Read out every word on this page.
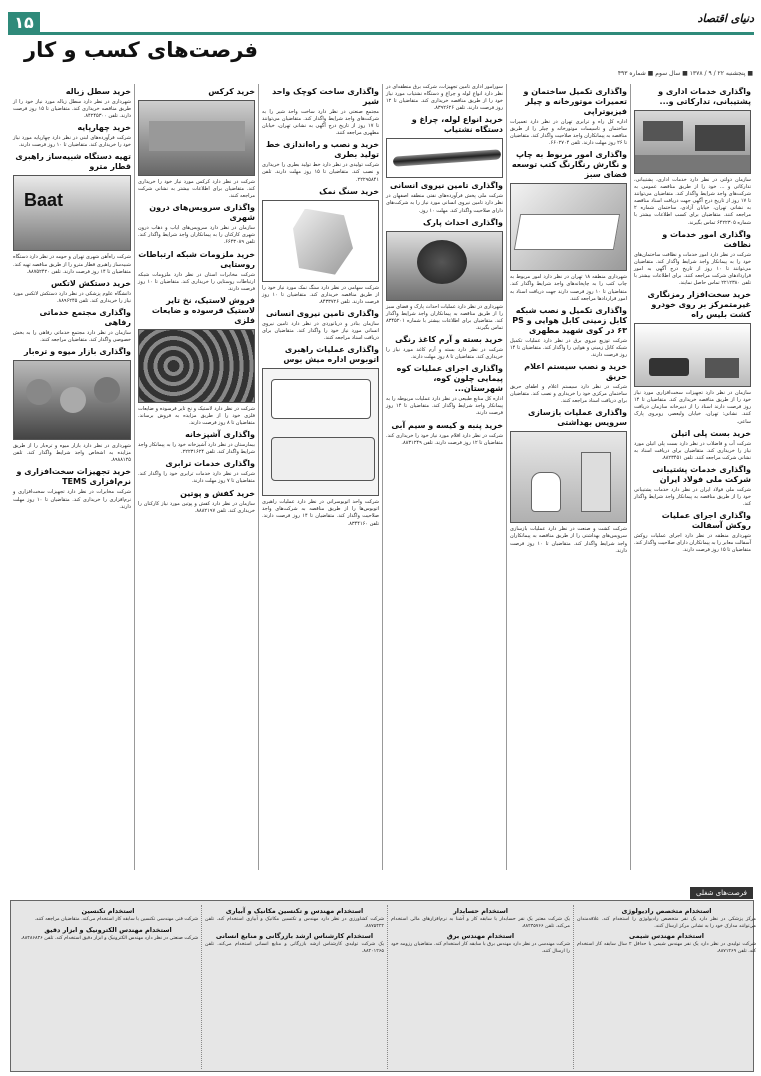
۱۵	دنیای اقتصاد
فرصت‌های کسب و کار
■ پنجشنبه ۲۲ / ۹ / ۱۳۷۸ ■ سال سوم ■ شماره ۴۹۳
واگذاری خدمات اداری و پشتیبانی، تدارکاتی و...
سازمان دولتی در نظر دارد خدمات اداری، پشتیبانی، تدارکاتی و ... خود را از طریق مناقصه عمومی به شرکت‌های واجد شرایط واگذار کند. متقاضیان می‌توانند تا ۱۷ روز از تاریخ درج آگهی جهت دریافت اسناد مناقصه به نشانی تهران، خیابان آزادی، ساختمان شماره ۲ مراجعه کنند. متقاضیان برای کسب اطلاعات بیشتر با شماره ۶۴۲۲۳۰۵ تماس بگیرند.
واگذاری امور خدمات و نظافت
شرکت در نظر دارد امور خدمات و نظافت ساختمان‌های خود را به پیمانکار واجد شرایط واگذار کند. متقاضیان می‌توانند تا ۱۰ روز از تاریخ درج آگهی به امور قراردادهای شرکت مراجعه کنند. برای اطلاعات بیشتر با تلفن ۲۲۱۲۳۸۰ تماس حاصل نمایند.
خرید سخت‌افزار رمزنگاری غیرمتمرکز بر روی خودرو کشت بلیس راه
سازمان در نظر دارد تجهیزات سخت‌افزاری مورد نیاز خود را از طریق مناقصه خریداری کند. متقاضیان تا ۱۴ روز فرصت دارند اسناد را از دبیرخانه سازمان دریافت کنند. نشانی: تهران، خیابان ولیعصر، روبروی پارک ساعی.
خرید بست پلی اتیلن
شرکت آب و فاضلاب در نظر دارد بست پلی اتیلن مورد نیاز را خریداری کند. متقاضیان برای دریافت اسناد به نشانی شرکت مراجعه کنند. تلفن ۸۸۲۳۴۵۱.
واگذاری خدمات پشتیبانی شرکت ملی فولاد ایران
شرکت ملی فولاد ایران در نظر دارد خدمات پشتیبانی خود را از طریق مناقصه به پیمانکار واجد شرایط واگذار کند.
واگذاری اجرای عملیات روکش آسفالت
شهرداری منطقه در نظر دارد اجرای عملیات روکش آسفالت معابر را به پیمانکاران دارای صلاحیت واگذار کند. متقاضیان تا ۱۵ روز فرصت دارند.
واگذاری تکمیل ساختمان و تعمیرات موتورخانه و چیلر فیزیوتراپی
اداره کل راه و ترابری تهران در نظر دارد تعمیرات ساختمان و تاسیسات موتورخانه و چیلر را از طریق مناقصه به پیمانکاران واجد صلاحیت واگذار کند. متقاضیان تا ۲۶ روز مهلت دارند. تلفن ۶۶۰۲۷۰۴.
واگذاری امور مربوط به چاپ و نگارش رنگارنگ کتب توسعه فضای سبز
شهرداری منطقه ۱۸ تهران در نظر دارد امور مربوط به چاپ کتب را به چاپخانه‌های واجد شرایط واگذار کند. متقاضیان تا ۱۰ روز فرصت دارند جهت دریافت اسناد به امور قراردادها مراجعه کنند.
واگذاری تکمیل و نصب شبکه کابل زمینی کابل هوایی و PS ۶۳ در کوی شهید مطهری
شرکت توزیع نیروی برق در نظر دارد عملیات تکمیل شبکه کابل زمینی و هوایی را واگذار کند. متقاضیان تا ۱۴ روز فرصت دارند.
خرید و نصب سیستم اعلام حریق
شرکت در نظر دارد سیستم اعلام و اطفای حریق ساختمان مرکزی خود را خریداری و نصب کند. متقاضیان برای دریافت اسناد مراجعه کنند.
واگذاری عملیات بازسازی سرویس بهداشتی
شرکت کشت و صنعت در نظر دارد عملیات بازسازی سرویس‌های بهداشتی را از طریق مناقصه به پیمانکاران واجد شرایط واگذار کند. متقاضیان تا ۱۰ روز فرصت دارند.
سورآمور اداری تامین تجهیزات، شرکت برق منطقه‌ای در نظر دارد انواع لوله و چراغ و دستگاه نشتیاب مورد نیاز خود را از طریق مناقصه خریداری کند. متقاضیان تا ۱۲ روز فرصت دارند. تلفن ۸۳۹۲۶۲۶.
خرید انواع لوله، چراغ و دستگاه نشتیاب
واگذاری تامین نیروی انسانی
شرکت ملی پخش فرآورده‌های نفتی منطقه اصفهان در نظر دارد تامین نیروی انسانی مورد نیاز را به شرکت‌های دارای صلاحیت واگذار کند. مهلت ۱۰ روز.
واگذاری احداث پارک
شهرداری در نظر دارد عملیات احداث پارک و فضای سبز را از طریق مناقصه به پیمانکاران واجد شرایط واگذار کند. متقاضیان برای اطلاعات بیشتر با شماره ۸۳۴۵۲۰۱ تماس بگیرند.
خرید بسته و آرم کاغذ رنگی
شرکت در نظر دارد بسته و آرم کاغذ مورد نیاز را خریداری کند. متقاضیان تا ۸ روز مهلت دارند.
واگذاری اجرای عملیات کوه پیمایی چلون کوه، شهرستان...
اداره کل منابع طبیعی در نظر دارد عملیات مربوطه را به پیمانکار واجد شرایط واگذار کند. متقاضیان تا ۱۴ روز فرصت دارند.
خرید پنبه و کیسه و سیم آبی
شرکت در نظر دارد اقلام مورد نیاز خود را خریداری کند. متقاضیان تا ۱۲ روز فرصت دارند. تلفن ۸۸۳۱۲۴۹.
واگذاری ساخت کوچک واحد شیر
مجتمع صنعتی در نظر دارد ساخت واحد شیر را به شرکت‌های واجد شرایط واگذار کند. متقاضیان می‌توانند تا ۱۷ روز از تاریخ درج آگهی به نشانی تهران، خیابان مطهری مراجعه کنند.
خرید و نصب و راه‌اندازی خط تولید بطری
شرکت تولیدی در نظر دارد خط تولید بطری را خریداری و نصب کند. متقاضیان تا ۱۵ روز مهلت دارند. تلفن ۲۲۲۹۵۸۴۱.
خرید سنگ نمک
شرکت سهامی در نظر دارد سنگ نمک مورد نیاز خود را از طریق مناقصه خریداری کند. متقاضیان تا ۱۰ روز فرصت دارند. تلفن ۸۴۳۳۷۲۶.
واگذاری تامین نیروی انسانی
سازمان بنادر و دریانوردی در نظر دارد تامین نیروی انسانی مورد نیاز خود را واگذار کند. متقاضیان برای دریافت اسناد مراجعه کنند.
واگذاری عملیات راهبری اتوبوس اداره میش بوس
شرکت واحد اتوبوسرانی در نظر دارد عملیات راهبری اتوبوس‌ها را از طریق مناقصه به شرکت‌های واجد صلاحیت واگذار کند. متقاضیان تا ۱۴ روز فرصت دارند. تلفن ۸۳۴۴۱۶۰.
خرید کرکس
شرکت در نظر دارد کرکس مورد نیاز خود را خریداری کند. متقاضیان برای اطلاعات بیشتر به نشانی شرکت مراجعه کنند.
واگذاری سرویس‌های درون شهری
سازمان در نظر دارد سرویس‌های ایاب و ذهاب درون شهری کارکنان را به پیمانکاران واجد شرایط واگذار کند. تلفن ۶۶۴۳۰۸۹.
خرید ملزومات شبکه ارتباطات روستایی
شرکت مخابرات استان در نظر دارد ملزومات شبکه ارتباطات روستایی را خریداری کند. متقاضیان تا ۱۰ روز فرصت دارند.
فروش لاستیک، نخ تایر لاستیک فرسوده و ضایعات فلزی
شرکت در نظر دارد لاستیک و نخ تایر فرسوده و ضایعات فلزی خود را از طریق مزایده به فروش برساند. متقاضیان تا ۸ روز فرصت دارند.
واگذاری آشپزخانه
بیمارستان در نظر دارد آشپزخانه خود را به پیمانکار واجد شرایط واگذار کند. تلفن ۲۲۲۳۱۶۲۴.
واگذاری خدمات ترابری
شرکت در نظر دارد خدمات ترابری خود را واگذار کند. متقاضیان تا ۷ روز مهلت دارند.
خرید کفش و پوتین
سازمان در نظر دارد کفش و پوتین مورد نیاز کارکنان را خریداری کند. تلفن ۸۸۸۲۱۹۷.
خرید سطل زباله
شهرداری در نظر دارد سطل زباله مورد نیاز خود را از طریق مناقصه خریداری کند. متقاضیان تا ۱۵ روز فرصت دارند. تلفن ۸۴۲۴۵۳۰۰.
خرید چهارپایه
شرکت فرآورده‌های لبنی در نظر دارد چهارپایه مورد نیاز خود را خریداری کند. متقاضیان تا ۱۰ روز فرصت دارند.
تهیه دستگاه شبیه‌ساز راهبری قطار مترو
Baat
شرکت راه‌آهن شهری تهران و حومه در نظر دارد دستگاه شبیه‌ساز راهبری قطار مترو را از طریق مناقصه تهیه کند. متقاضیان تا ۱۴ روز فرصت دارند. تلفن ۸۸۷۵۲۴۲۰.
خرید دستکش لاتکس
دانشگاه علوم پزشکی در نظر دارد دستکش لاتکس مورد نیاز را خریداری کند. تلفن ۸۸۹۶۲۴۵.
واگذاری مجتمع خدماتی رفاهی
سازمان در نظر دارد مجتمع خدماتی رفاهی را به بخش خصوصی واگذار کند. متقاضیان مراجعه کنند.
واگذاری بازار میوه و تره‌بار
شهرداری در نظر دارد بازار میوه و تره‌بار را از طریق مزایده به اشخاص واجد شرایط واگذار کند. تلفن ۸۹۸۸۱۲۵.
خرید تجهیزات سخت‌افزاری و نرم‌افزاری TEMS
شرکت مخابرات در نظر دارد تجهیزات سخت‌افزاری و نرم‌افزاری را خریداری کند. متقاضیان تا ۱۰ روز مهلت دارند.
فرصت‌های شغلی
استخدام متخصص رادیولوژی
مرکز پزشکی در نظر دارد یک نفر متخصص رادیولوژی را استخدام کند. علاقه‌مندان می‌توانند مدارک خود را به نشانی مرکز ارسال کنند.
استخدام مهندس شیمی
شرکت تولیدی در نظر دارد یک نفر مهندس شیمی با حداقل ۲ سال سابقه کار استخدام کند. تلفن ۸۸۷۱۲۶۹.
استخدام حسابدار
یک شرکت معتبر یک نفر حسابدار با سابقه کار و آشنا به نرم‌افزارهای مالی استخدام می‌کند. تلفن ۸۸۲۴۵۷۶۶.
استخدام مهندس برق
شرکت مهندسی در نظر دارد مهندس برق با سابقه کار استخدام کند. متقاضیان رزومه خود را ارسال کنند.
استخدام مهندس و تکنسین مکانیک و آبیاری
شرکت کشاورزی در نظر دارد مهندس و تکنسین مکانیک و آبیاری استخدام کند. تلفن ۸۸۷۵۴۲۲.
استخدام کارشناس ارشد بازرگانی و منابع انسانی
یک شرکت تولیدی کارشناس ارشد بازرگانی و منابع انسانی استخدام می‌کند. تلفن ۸۸۲۰۱۲۶۵.
استخدام تکنسین
شرکت فنی مهندسی تکنسین با سابقه کار استخدام می‌کند. متقاضیان مراجعه کنند.
استخدام مهندس الکترونیک و ابزار دقیق
شرکت صنعتی در نظر دارد مهندس الکترونیک و ابزار دقیق استخدام کند. تلفن ۸۸۴۸۶۸۴۶.
